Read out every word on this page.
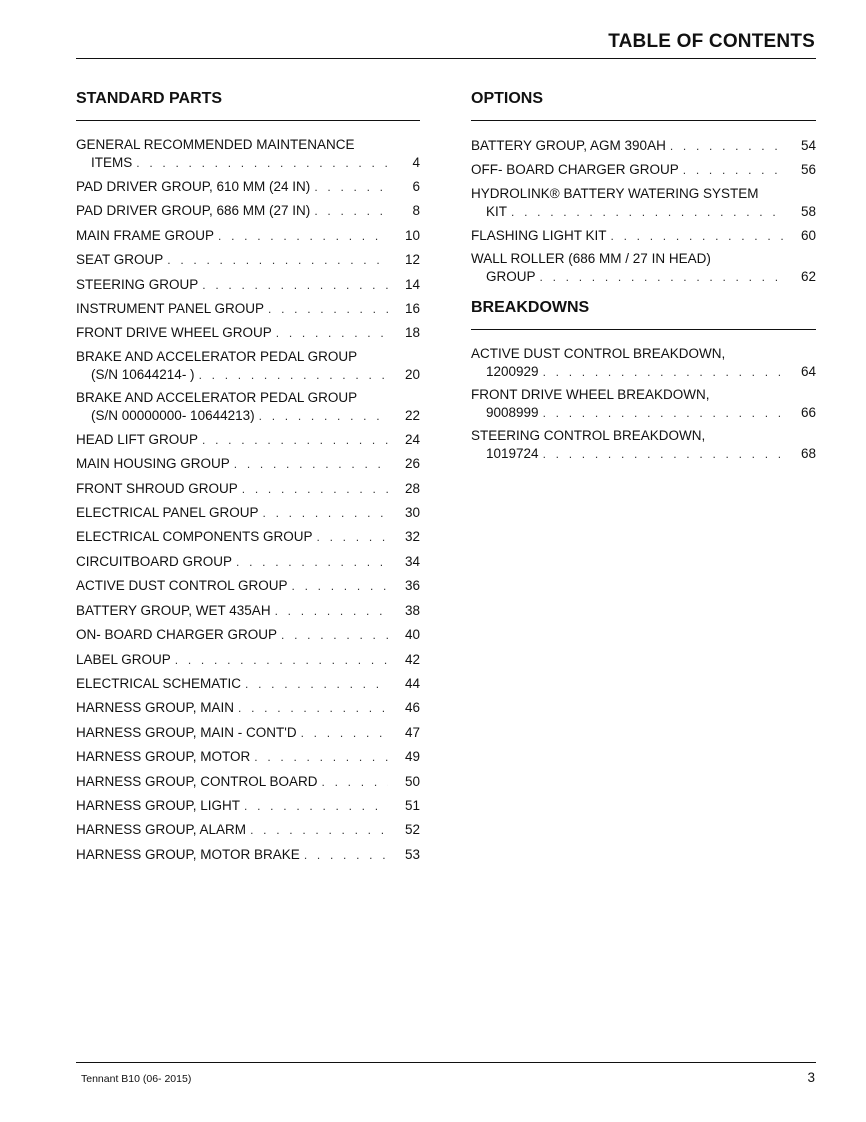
TABLE OF CONTENTS
STANDARD PARTS
GENERAL RECOMMENDED MAINTENANCE
ITEMS . . .	4
PAD DRIVER GROUP, 610 MM (24 IN) . . .	6
PAD DRIVER GROUP, 686 MM (27 IN) . . .	8
MAIN FRAME GROUP . . .	10
SEAT GROUP . . .	12
STEERING GROUP . . .	14
INSTRUMENT PANEL GROUP . . .	16
FRONT DRIVE WHEEL GROUP . . .	18
BRAKE AND ACCELERATOR PEDAL GROUP
(S/N 10644214- ) . . .	20
BRAKE AND ACCELERATOR PEDAL GROUP
(S/N 00000000- 10644213) . . .	22
HEAD LIFT GROUP . . .	24
MAIN HOUSING GROUP . . .	26
FRONT SHROUD GROUP . . .	28
ELECTRICAL PANEL GROUP . . .	30
ELECTRICAL COMPONENTS GROUP . . .	32
CIRCUITBOARD GROUP . . .	34
ACTIVE DUST CONTROL GROUP . . .	36
BATTERY GROUP, WET 435AH . . .	38
ON- BOARD CHARGER GROUP . . .	40
LABEL GROUP . . .	42
ELECTRICAL SCHEMATIC . . .	44
HARNESS GROUP, MAIN . . .	46
HARNESS GROUP, MAIN - CONT'D . . .	47
HARNESS GROUP, MOTOR . . .	49
HARNESS GROUP, CONTROL BOARD . . .	50
HARNESS GROUP, LIGHT . . .	51
HARNESS GROUP, ALARM . . .	52
HARNESS GROUP, MOTOR BRAKE . . .	53
OPTIONS
BATTERY GROUP, AGM 390AH . . .	54
OFF- BOARD CHARGER GROUP . . .	56
HYDROLINK® BATTERY WATERING SYSTEM
KIT . . .	58
FLASHING LIGHT KIT . . .	60
WALL ROLLER (686 MM / 27 IN HEAD)
GROUP . . .	62
BREAKDOWNS
ACTIVE DUST CONTROL BREAKDOWN,
1200929 . . .	64
FRONT DRIVE WHEEL BREAKDOWN,
9008999 . . .	66
STEERING CONTROL BREAKDOWN,
1019724 . . .	68
Tennant B10 (06- 2015)	3
